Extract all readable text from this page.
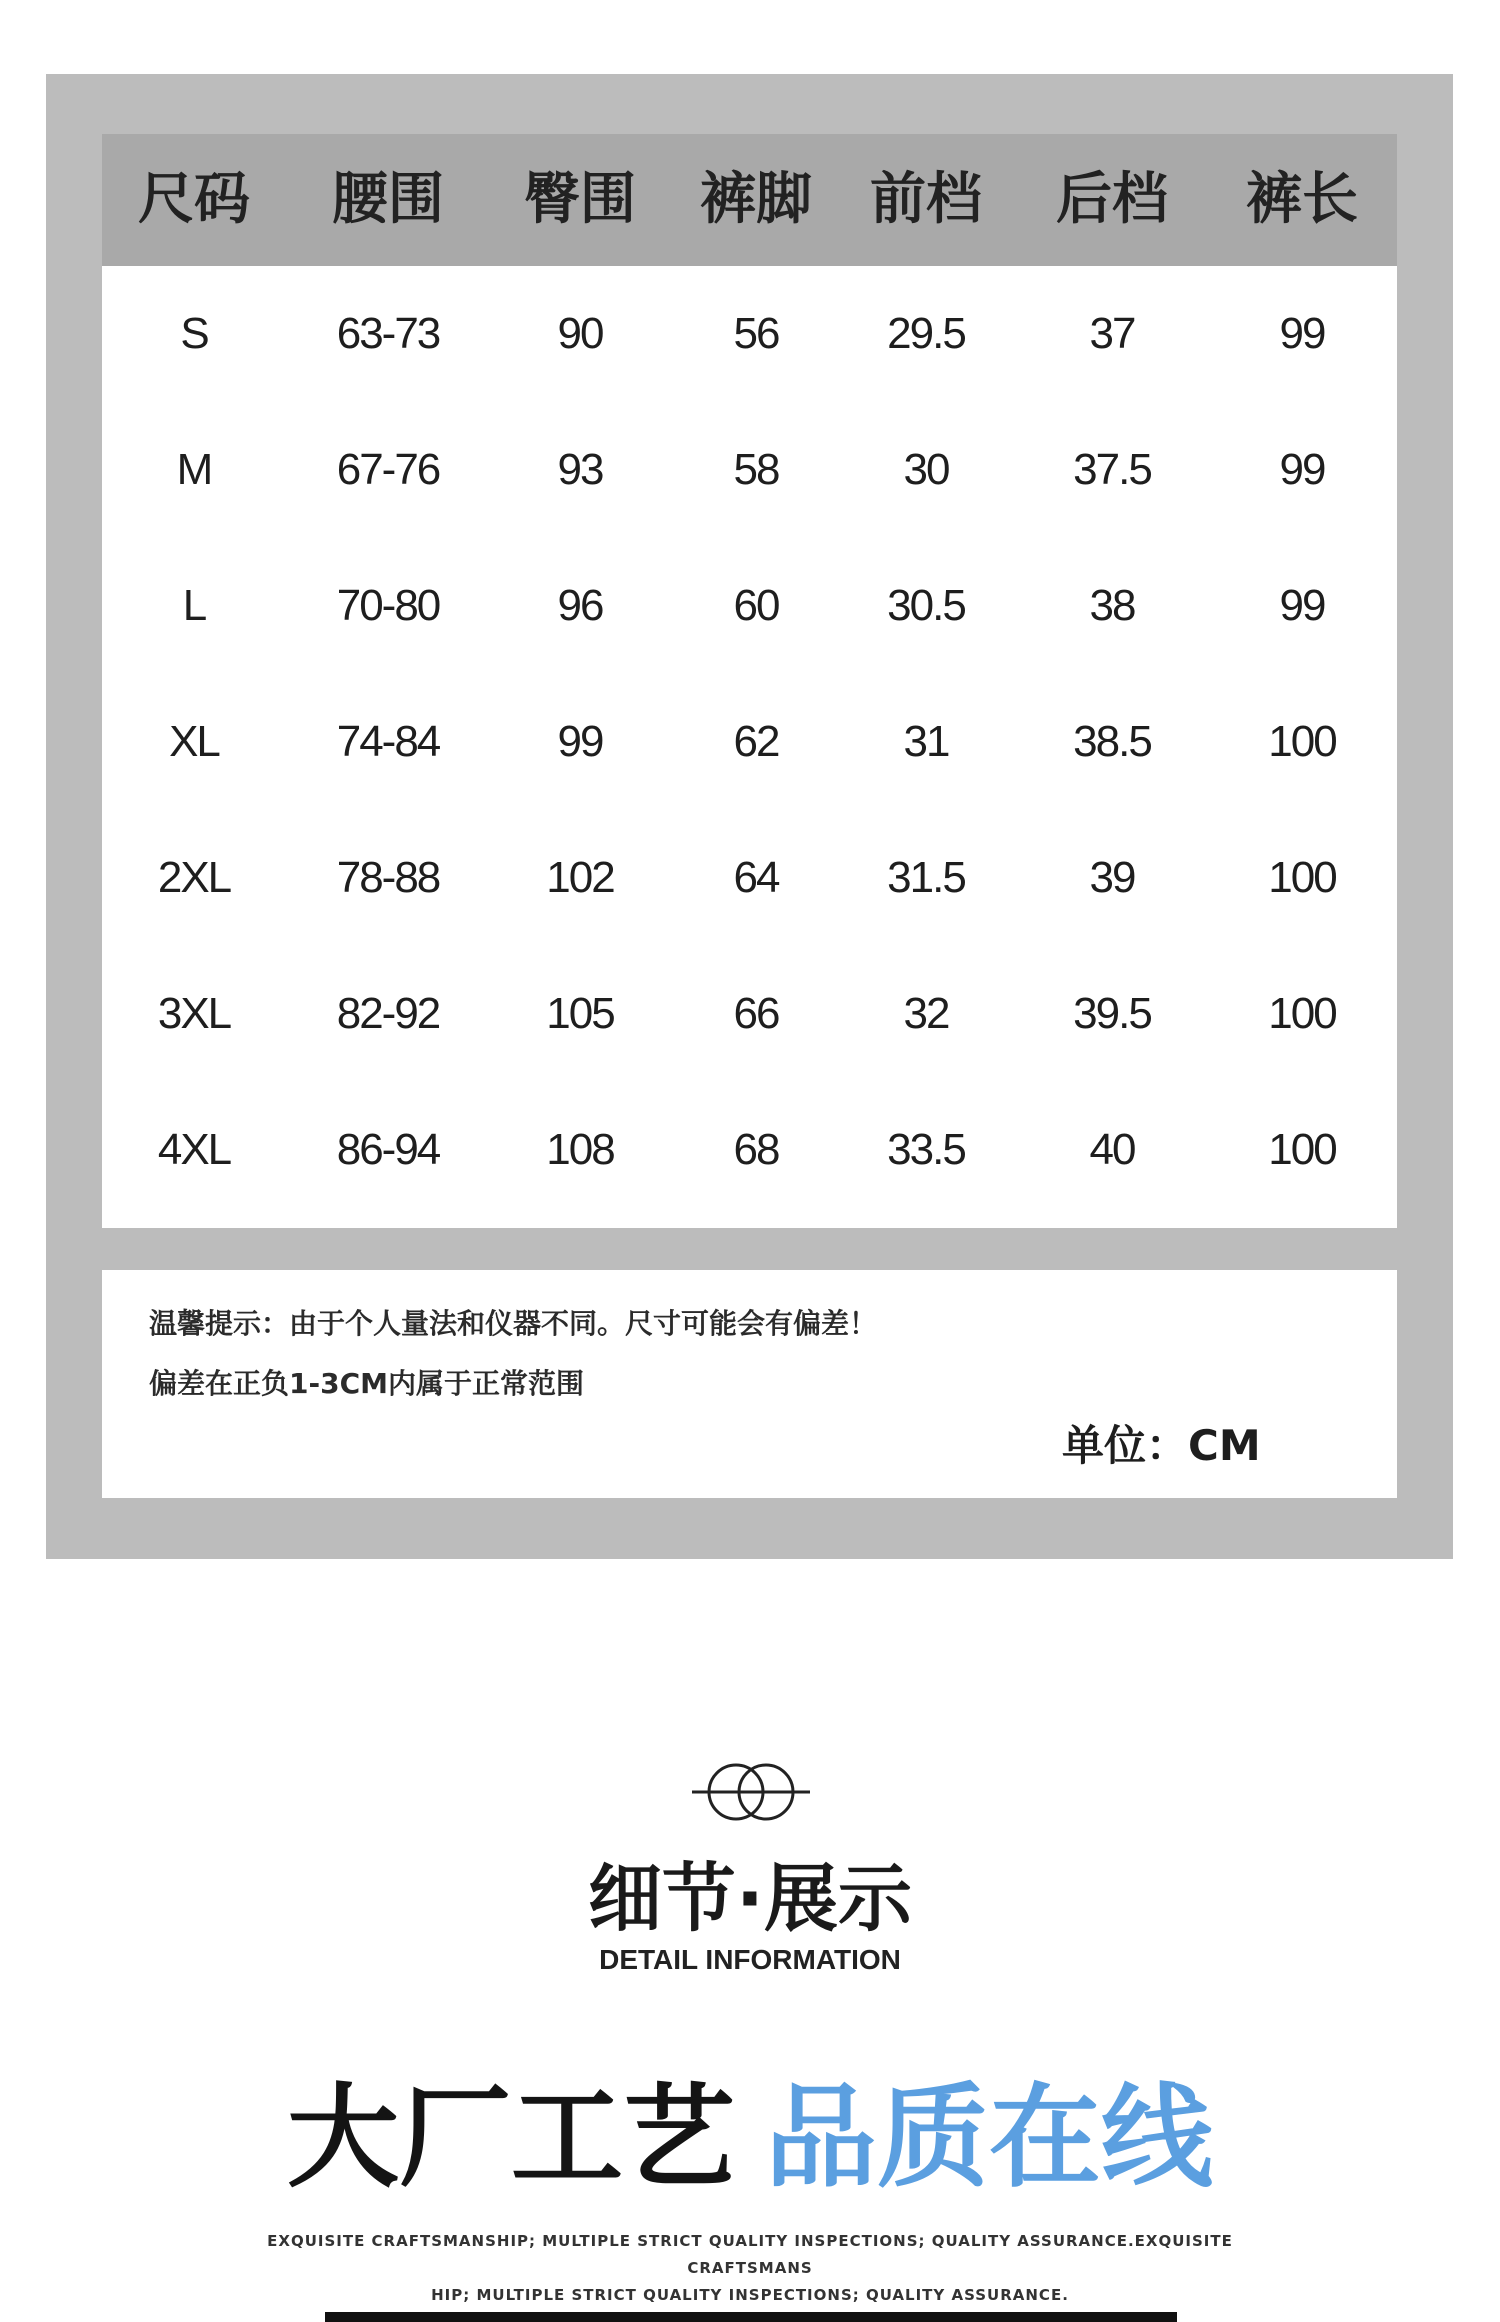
尺码	腰围	臀围	裤脚	前档	后档	裤长
S	63-73	90	56	29.5	37	99
M	67-76	93	58	30	37.5	99
L	70-80	96	60	30.5	38	99
XL	74-84	99	62	31	38.5	100
2XL	78-88	102	64	31.5	39	100
3XL	82-92	105	66	32	39.5	100
4XL	86-94	108	68	33.5	40	100
温馨提示：由于个人量法和仪器不同。尺寸可能会有偏差！
偏差在正负1-3CM内属于正常范围
单位：CM
细节·展示
DETAIL INFORMATION
大厂工艺 品质在线
EXQUISITE CRAFTSMANSHIP; MULTIPLE STRICT QUALITY INSPECTIONS; QUALITY ASSURANCE.EXQUISITE CRAFTSMANS
HIP; MULTIPLE STRICT QUALITY INSPECTIONS; QUALITY ASSURANCE.
